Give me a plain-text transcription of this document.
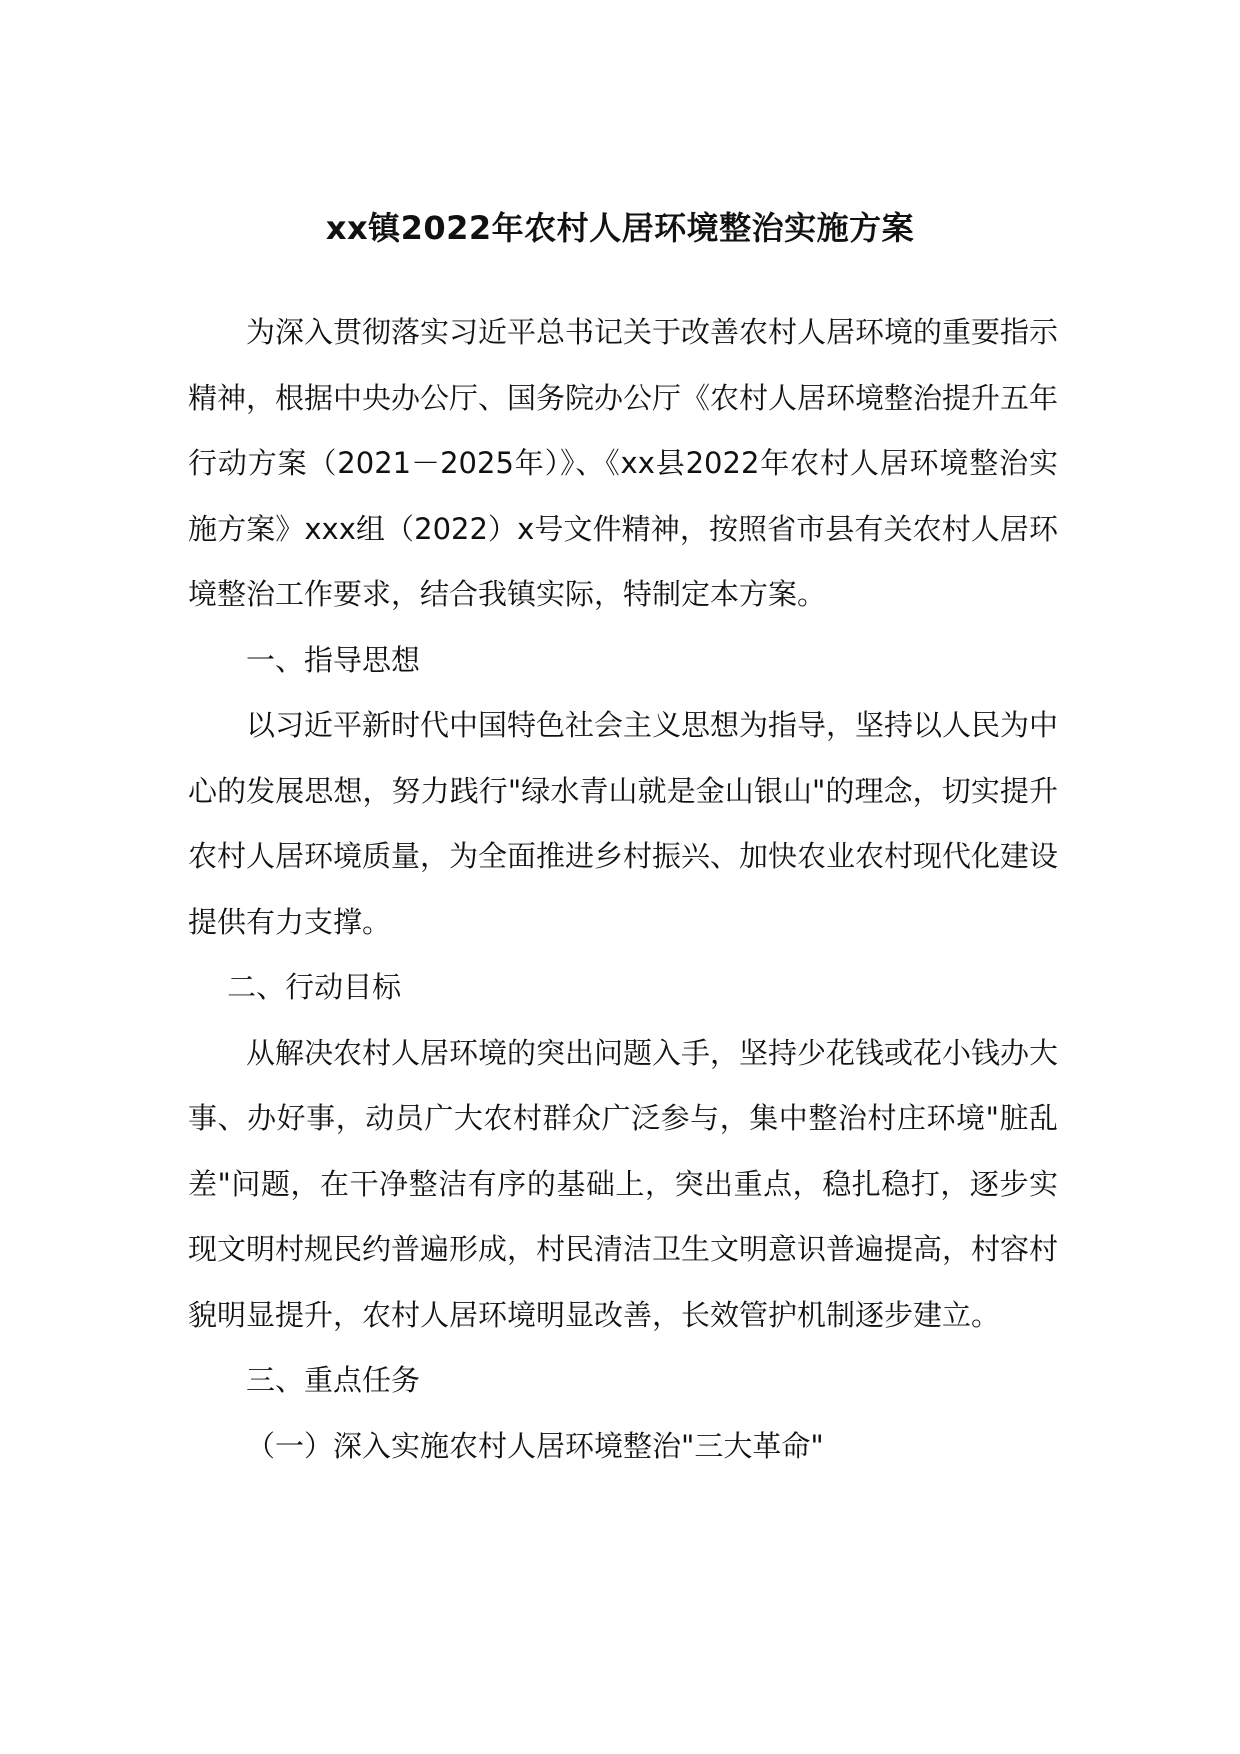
xx镇2022年农村人居环境整治实施方案

为深入贯彻落实习近平总书记关于改善农村人居环境的重要指示精神，根据中央办公厅、国务院办公厅《农村人居环境整治提升五年行动方案（2021－2025年）》、《xx县2022年农村人居环境整治实施方案》xxx组（2022）x号文件精神，按照省市县有关农村人居环境整治工作要求，结合我镇实际，特制定本方案。

一、指导思想

以习近平新时代中国特色社会主义思想为指导，坚持以人民为中心的发展思想，努力践行"绿水青山就是金山银山"的理念，切实提升农村人居环境质量，为全面推进乡村振兴、加快农业农村现代化建设提供有力支撑。

二、行动目标

从解决农村人居环境的突出问题入手，坚持少花钱或花小钱办大事、办好事，动员广大农村群众广泛参与，集中整治村庄环境"脏乱差"问题，在干净整洁有序的基础上，突出重点，稳扎稳打，逐步实现文明村规民约普遍形成，村民清洁卫生文明意识普遍提高，村容村貌明显提升，农村人居环境明显改善，长效管护机制逐步建立。

三、重点任务

（一）深入实施农村人居环境整治"三大革命"
